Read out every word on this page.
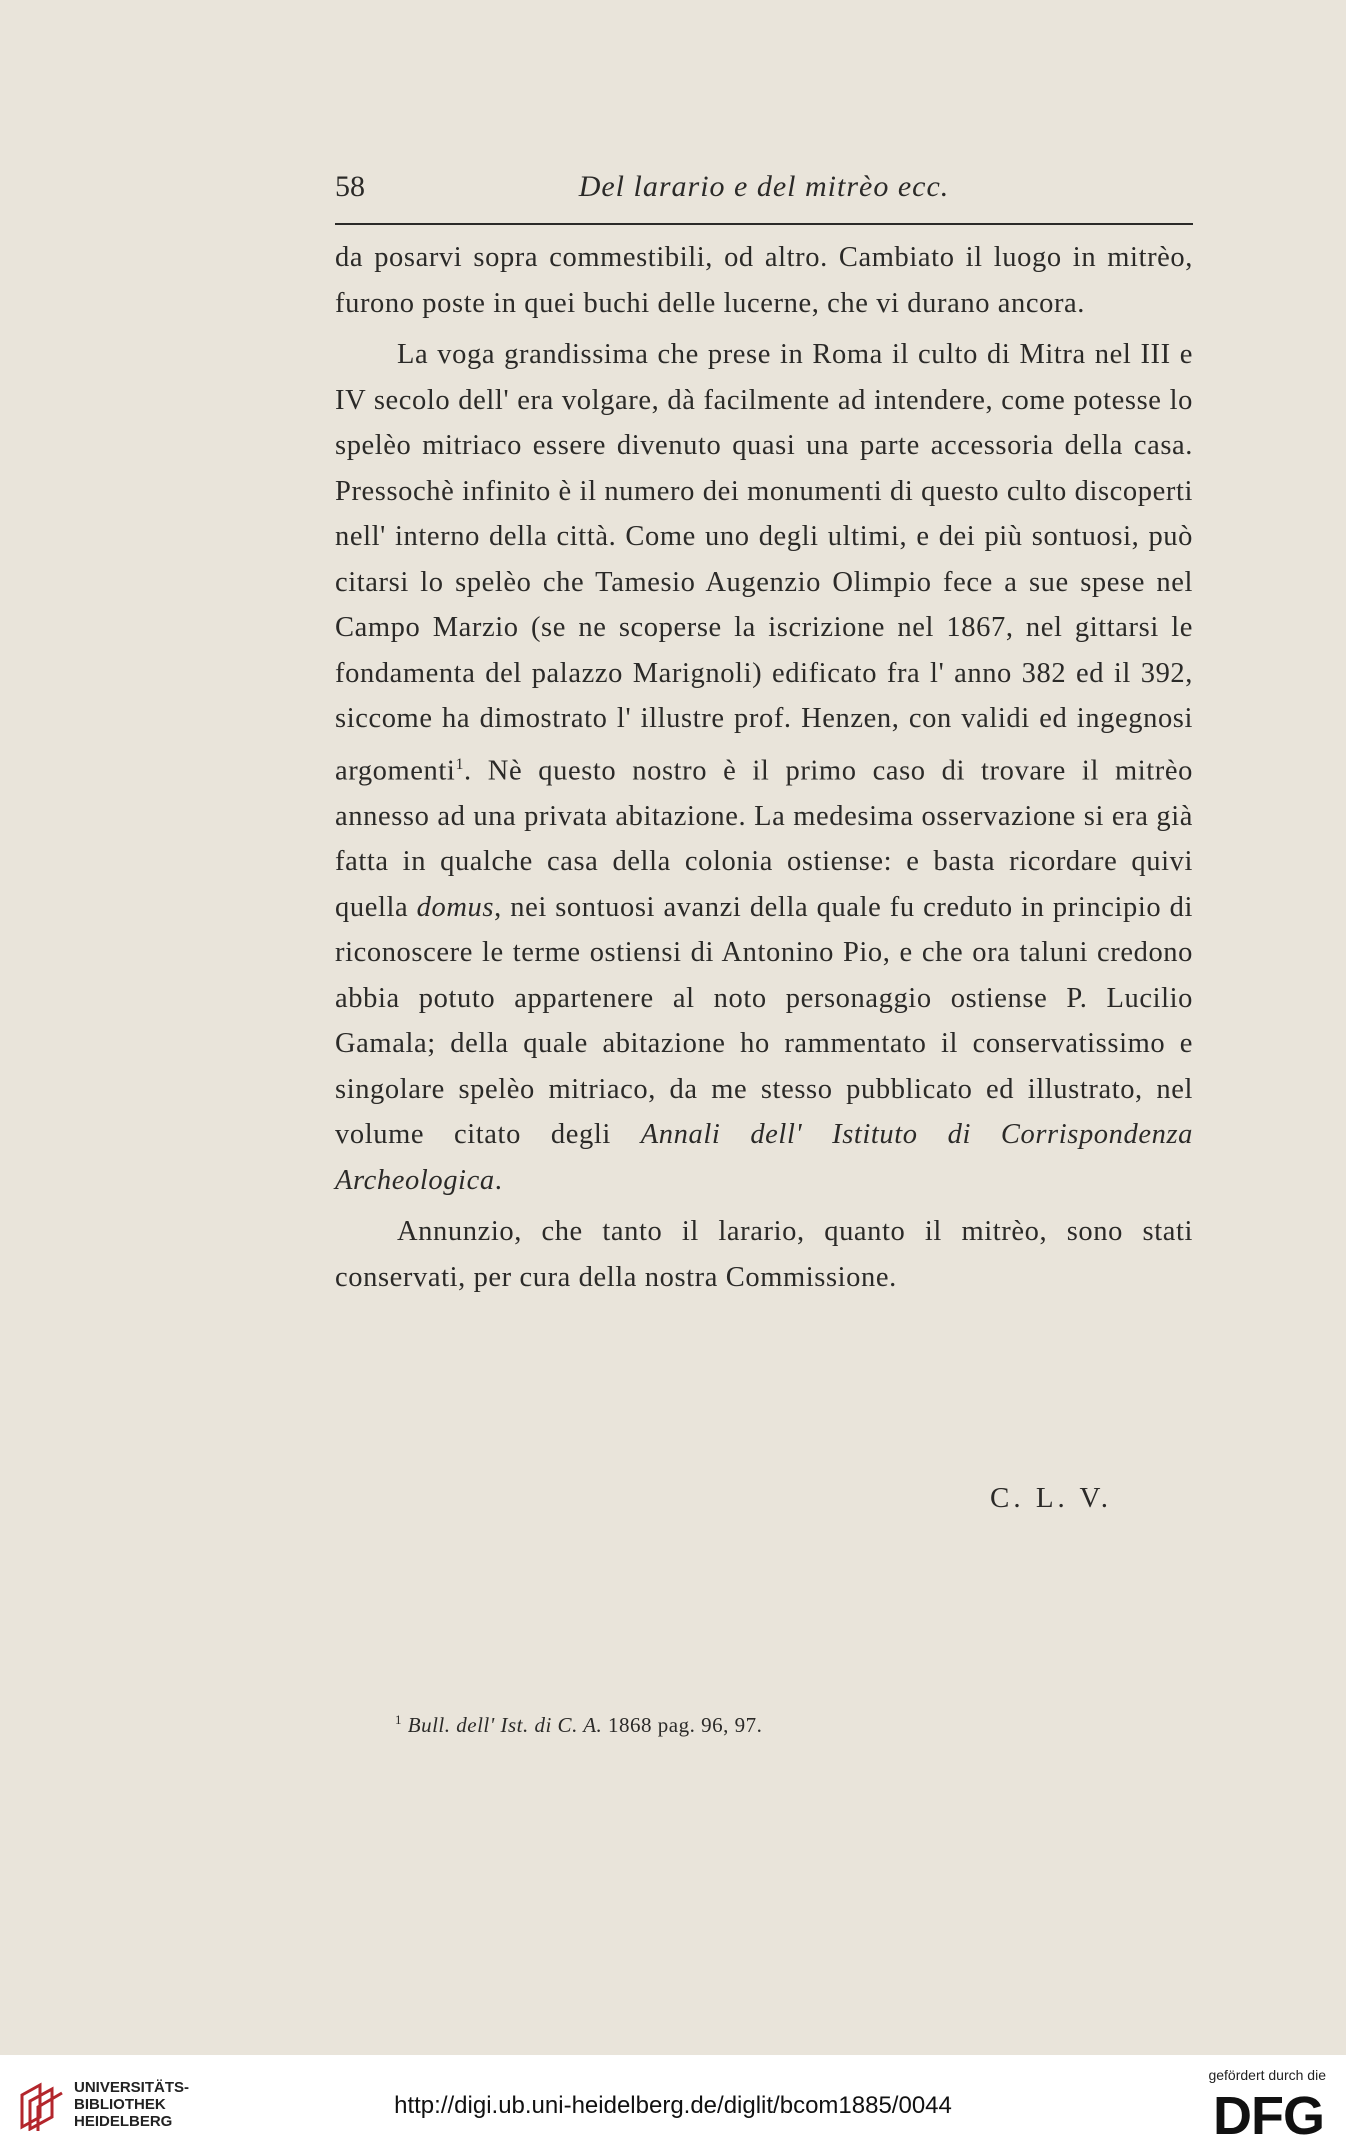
58	Del larario e del mitrèo ecc.

da posarvi sopra commestibili, od altro. Cambiato il luogo in mitrèo, furono poste in quei buchi delle lucerne, che vi durano ancora.

La voga grandissima che prese in Roma il culto di Mitra nel III e IV secolo dell' era volgare, dà facilmente ad intendere, come potesse lo spelèo mitriaco essere divenuto quasi una parte accessoria della casa. Pressochè infinito è il numero dei monumenti di questo culto discoperti nell' interno della città. Come uno degli ultimi, e dei più sontuosi, può citarsi lo spelèo che Tamesio Augenzio Olimpio fece a sue spese nel Campo Marzio (se ne scoperse la iscrizione nel 1867, nel gittarsi le fondamenta del palazzo Marignoli) edificato fra l' anno 382 ed il 392, siccome ha dimostrato l' illustre prof. Henzen, con validi ed ingegnosi argomenti$^1$. Nè questo nostro è il primo caso di trovare il mitrèo annesso ad una privata abitazione. La medesima osservazione si era già fatta in qualche casa della colonia ostiense: e basta ricordare quivi quella domus, nei sontuosi avanzi della quale fu creduto in principio di riconoscere le terme ostiensi di Antonino Pio, e che ora taluni credono abbia potuto appartenere al noto personaggio ostiense P. Lucilio Gamala; della quale abitazione ho rammentato il conservatissimo e singolare spelèo mitriaco, da me stesso pubblicato ed illustrato, nel volume citato degli Annali dell' Istituto di Corrispondenza Archeologica.

Annunzio, che tanto il larario, quanto il mitrèo, sono stati conservati, per cura della nostra Commissione.

C. L. V.
$^1$ Bull. dell' Ist. di C. A. 1868 pag. 96, 97.
UNIVERSITÄTS-
BIBLIOTHEK
HEIDELBERG
http://digi.ub.uni-heidelberg.de/diglit/bcom1885/0044
gefördert durch die
DFG
